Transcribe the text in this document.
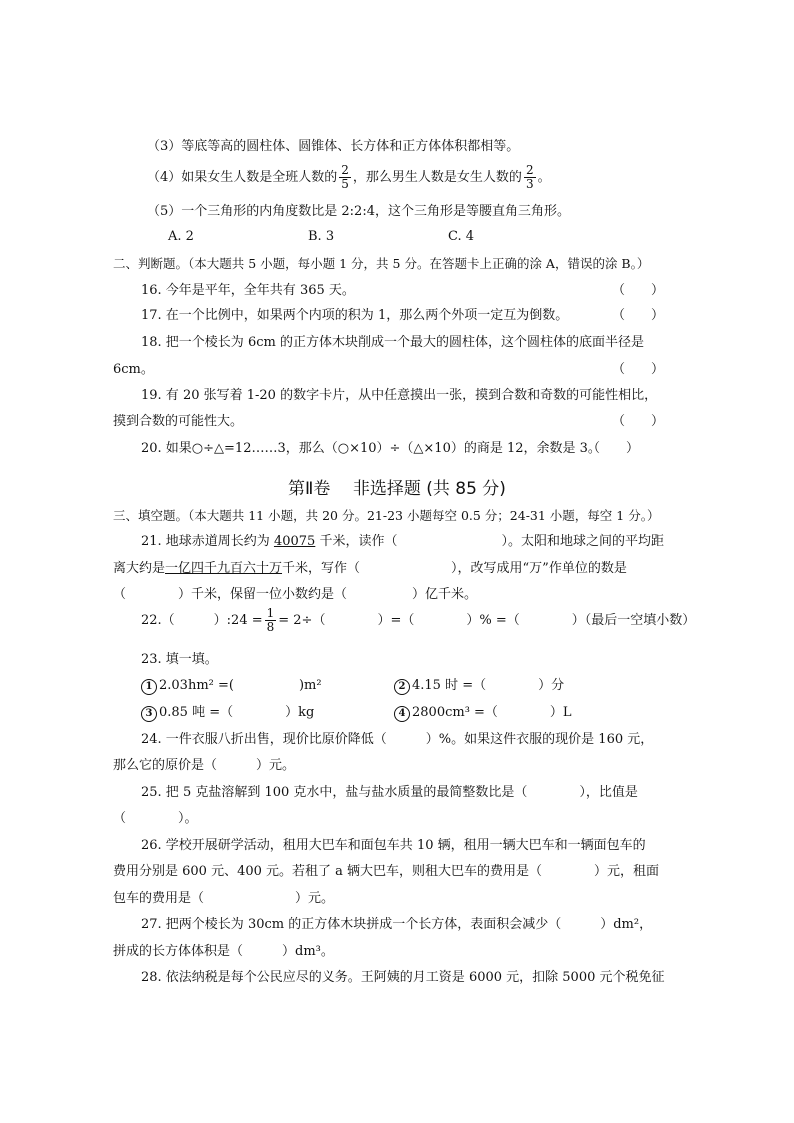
（3）等底等高的圆柱体、圆锥体、长方体和正方体体积都相等。
（4）如果女生人数是全班人数的 $\frac{2}{5}$ ，那么男生人数是女生人数的 $\frac{2}{3}$ 。
（5）一个三角形的内角度数比是 2:2:4，这个三角形是等腰直角三角形。
A. 2	B. 3	C. 4
二、判断题。（本大题共 5 小题，每小题 1 分，共 5 分。在答题卡上正确的涂 A，错误的涂 B。）
16. 今年是平年，全年共有 365 天。	（　　）
17. 在一个比例中，如果两个内项的积为 1，那么两个外项一定互为倒数。	（　　）
18. 把一个棱长为 6cm 的正方体木块削成一个最大的圆柱体，这个圆柱体的底面半径是
6cm。	（　　）
19. 有 20 张写着 1-20 的数字卡片，从中任意摸出一张，摸到合数和奇数的可能性相比，
摸到合数的可能性大。	（　　）
20. 如果○÷△=12……3，那么（○×10）÷（△×10）的商是 12，余数是 3。
（　　）
第Ⅱ卷　 非选择题 (共 85 分)
三、填空题。（本大题共 11 小题，共 20 分。21-23 小题每空 0.5 分；24-31 小题，每空 1 分。）
21. 地球赤道周长约为 40075 千米，读作（　　　　　　　　）。太阳和地球之间的平均距
离大约是一亿四千九百六十万千米，写作（　　　　　　　），改写成用“万”作单位的数是
（　　　　）千米，保留一位小数约是（　　　　　）亿千米。
22.（　　　）:24 = $\frac{1}{8} = 2\div$（　　　　）=（　　　　）% =（　　　　）（最后一空填小数）
23. 填一填。
1 2.03hm² =(　　　　　)m²	2 4.15 时 =（　　　　）分
3 0.85 吨 =（　　　　）kg	4 2800cm³ =（　　　　）L
24. 一件衣服八折出售，现价比原价降低（　　　）%。如果这件衣服的现价是 160 元，
那么它的原价是（　　　）元。
25. 把 5 克盐溶解到 100 克水中，盐与盐水质量的最简整数比是（　　　　），比值是
（　　　　）。
26. 学校开展研学活动，租用大巴车和面包车共 10 辆，租用一辆大巴车和一辆面包车的
费用分别是 600 元、400 元。若租了 a 辆大巴车，则租大巴车的费用是（　　　　）元，租面
包车的费用是（　　　　　　　）元。
27. 把两个棱长为 30cm 的正方体木块拼成一个长方体，表面积会减少（　　　）dm²，
拼成的长方体体积是（　　　）dm³。
28. 依法纳税是每个公民应尽的义务。王阿姨的月工资是 6000 元，扣除 5000 元个税免征
